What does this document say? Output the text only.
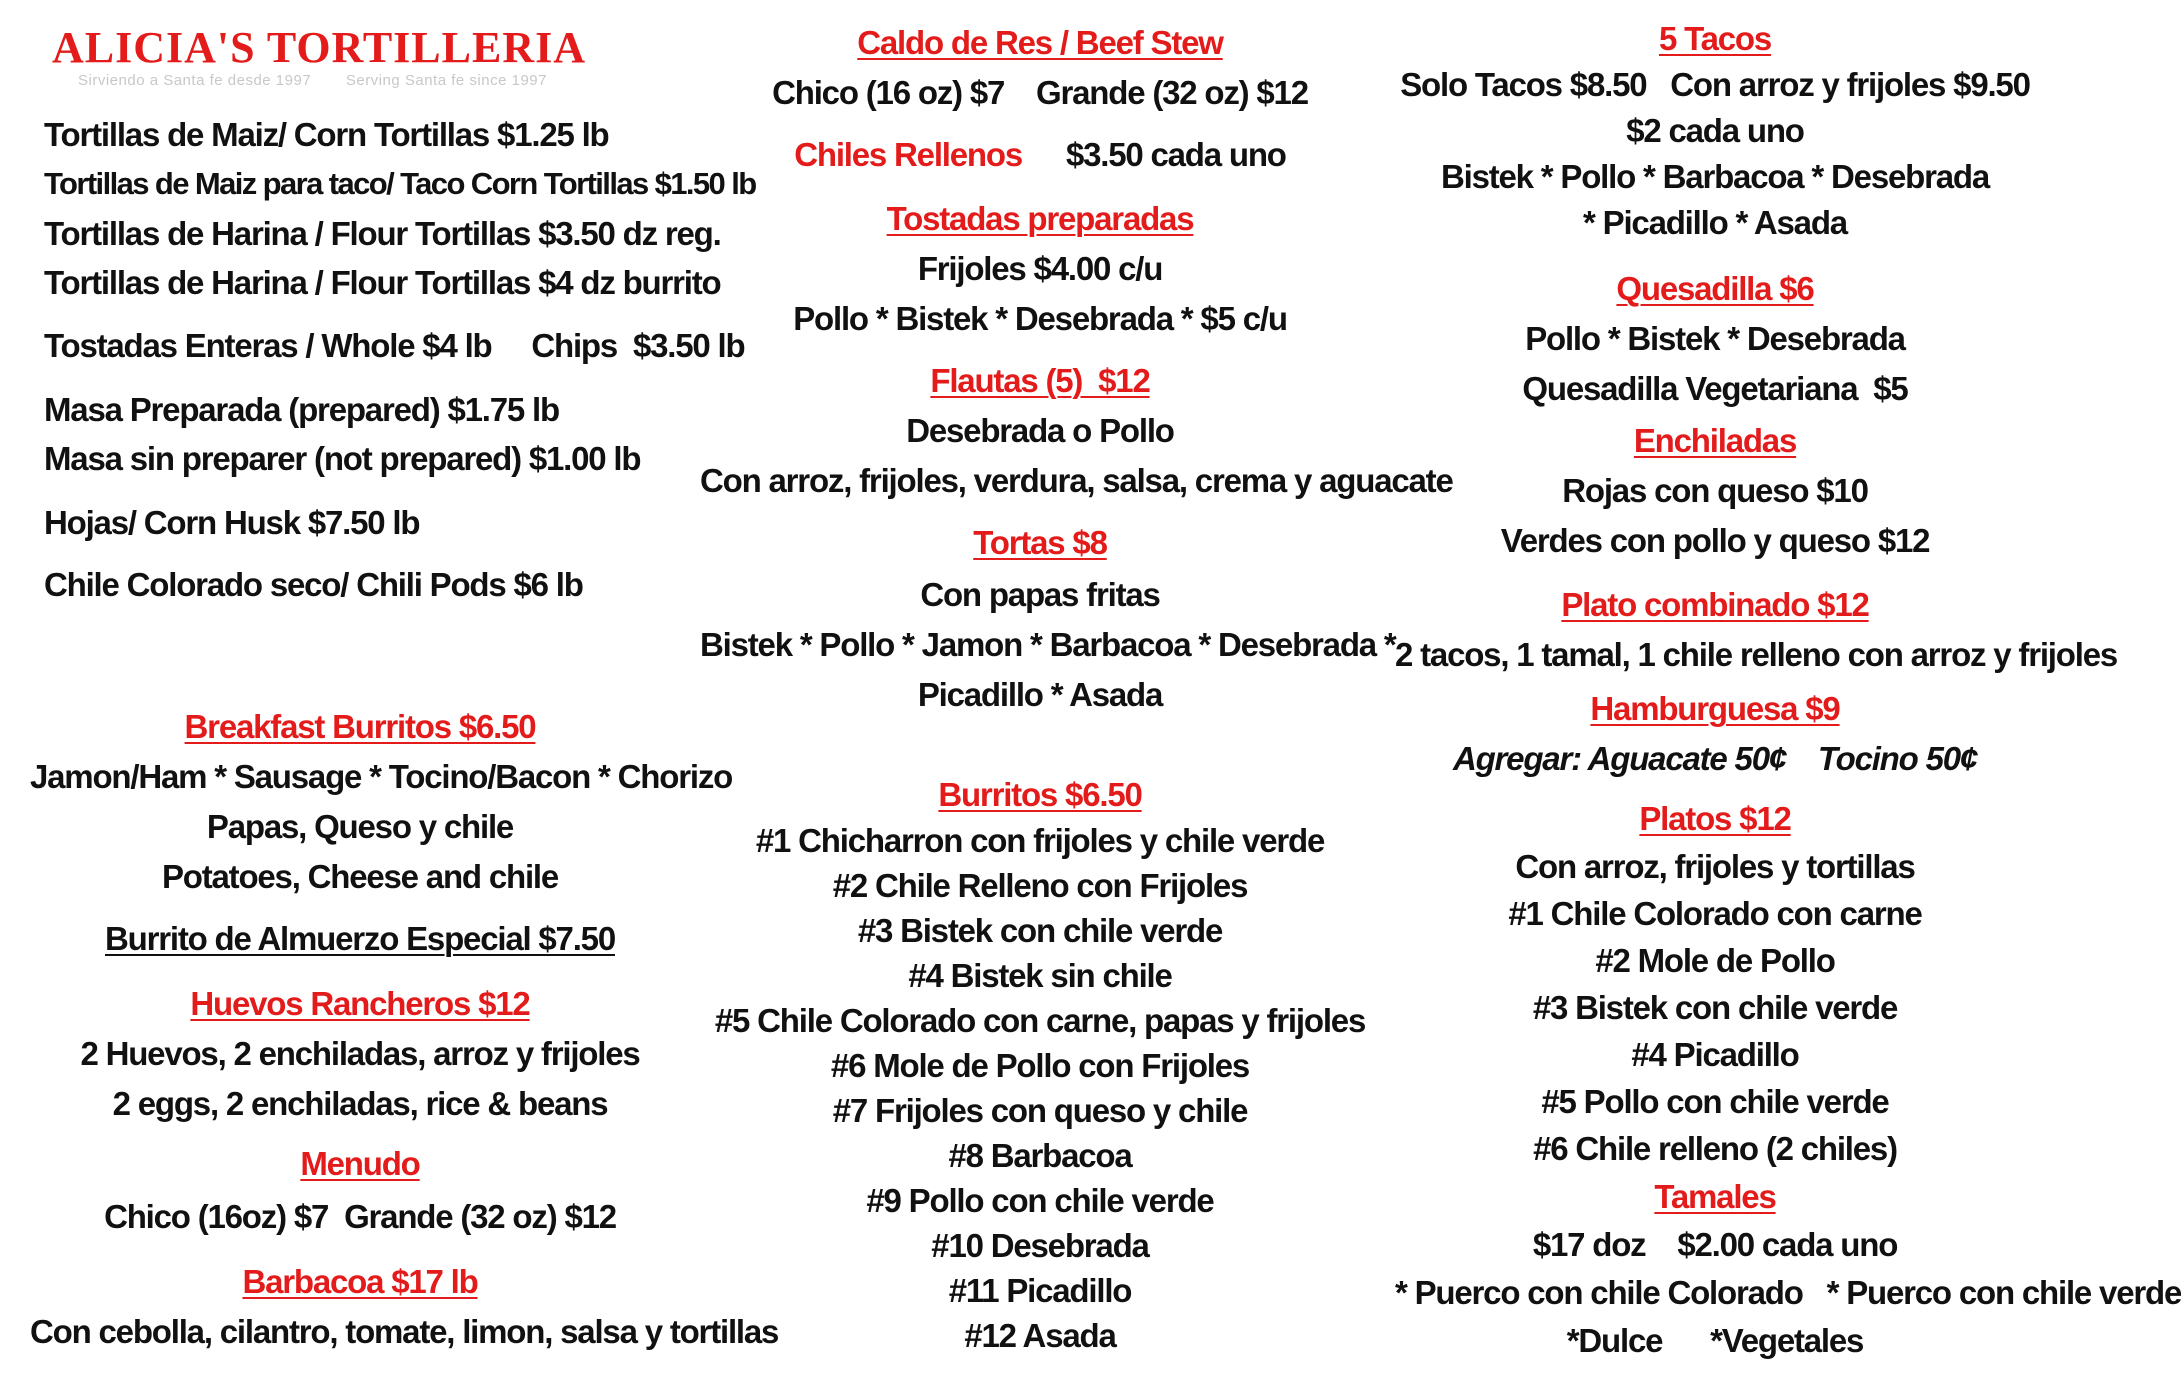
ALICIA'S TORTILLERIA
Sirviendo a Santa fe desde 1997 Serving Santa fe since 1997
Tortillas de Maiz/ Corn Tortillas $1.25 lb
Tortillas de Maiz para taco/ Taco Corn Tortillas $1.50 lb
Tortillas de Harina / Flour Tortillas $3.50 dz reg.
Tortillas de Harina / Flour Tortillas $4 dz burrito
Tostadas Enteras / Whole $4 lb     Chips  $3.50 lb
Masa Preparada (prepared) $1.75 lb
Masa sin preparer (not prepared) $1.00 lb
Hojas/ Corn Husk $7.50 lb
Chile Colorado seco/ Chili Pods $6 lb
Breakfast Burritos $6.50
Jamon/Ham * Sausage * Tocino/Bacon * Chorizo
Papas, Queso y chile
Potatoes, Cheese and chile
Burrito de Almuerzo Especial $7.50
Huevos Rancheros $12
2 Huevos, 2 enchiladas, arroz y frijoles
2 eggs, 2 enchiladas, rice & beans
Menudo
Chico (16oz) $7  Grande (32 oz) $12
Barbacoa $17 lb
Con cebolla, cilantro, tomate, limon, salsa y tortillas
Caldo de Res / Beef Stew
Chico (16 oz) $7    Grande (32 oz) $12
Chiles Rellenos $3.50 cada uno
Tostadas preparadas
Frijoles $4.00 c/u
Pollo * Bistek * Desebrada * $5 c/u
Flautas (5)  $12
Desebrada o Pollo
Con arroz, frijoles, verdura, salsa, crema y aguacate
Tortas $8
Con papas fritas
Bistek * Pollo * Jamon * Barbacoa * Desebrada *
Picadillo * Asada
Burritos $6.50
#1 Chicharron con frijoles y chile verde
#2 Chile Relleno con Frijoles
#3 Bistek con chile verde
#4 Bistek sin chile
#5 Chile Colorado con carne, papas y frijoles
#6 Mole de Pollo con Frijoles
#7 Frijoles con queso y chile
#8 Barbacoa
#9 Pollo con chile verde
#10 Desebrada
#11 Picadillo
#12 Asada
5 Tacos
Solo Tacos $8.50   Con arroz y frijoles $9.50
$2 cada uno
Bistek * Pollo * Barbacoa * Desebrada
* Picadillo * Asada
Quesadilla $6
Pollo * Bistek * Desebrada
Quesadilla Vegetariana  $5
Enchiladas
Rojas con queso $10
Verdes con pollo y queso $12
Plato combinado $12
2 tacos, 1 tamal, 1 chile relleno con arroz y frijoles
Hamburguesa $9
Agregar: Aguacate 50¢    Tocino 50¢
Platos $12
Con arroz, frijoles y tortillas
#1 Chile Colorado con carne
#2 Mole de Pollo
#3 Bistek con chile verde
#4 Picadillo
#5 Pollo con chile verde
#6 Chile relleno (2 chiles)
Tamales
$17 doz    $2.00 cada uno
* Puerco con chile Colorado   * Puerco con chile verde
*Dulce      *Vegetales
